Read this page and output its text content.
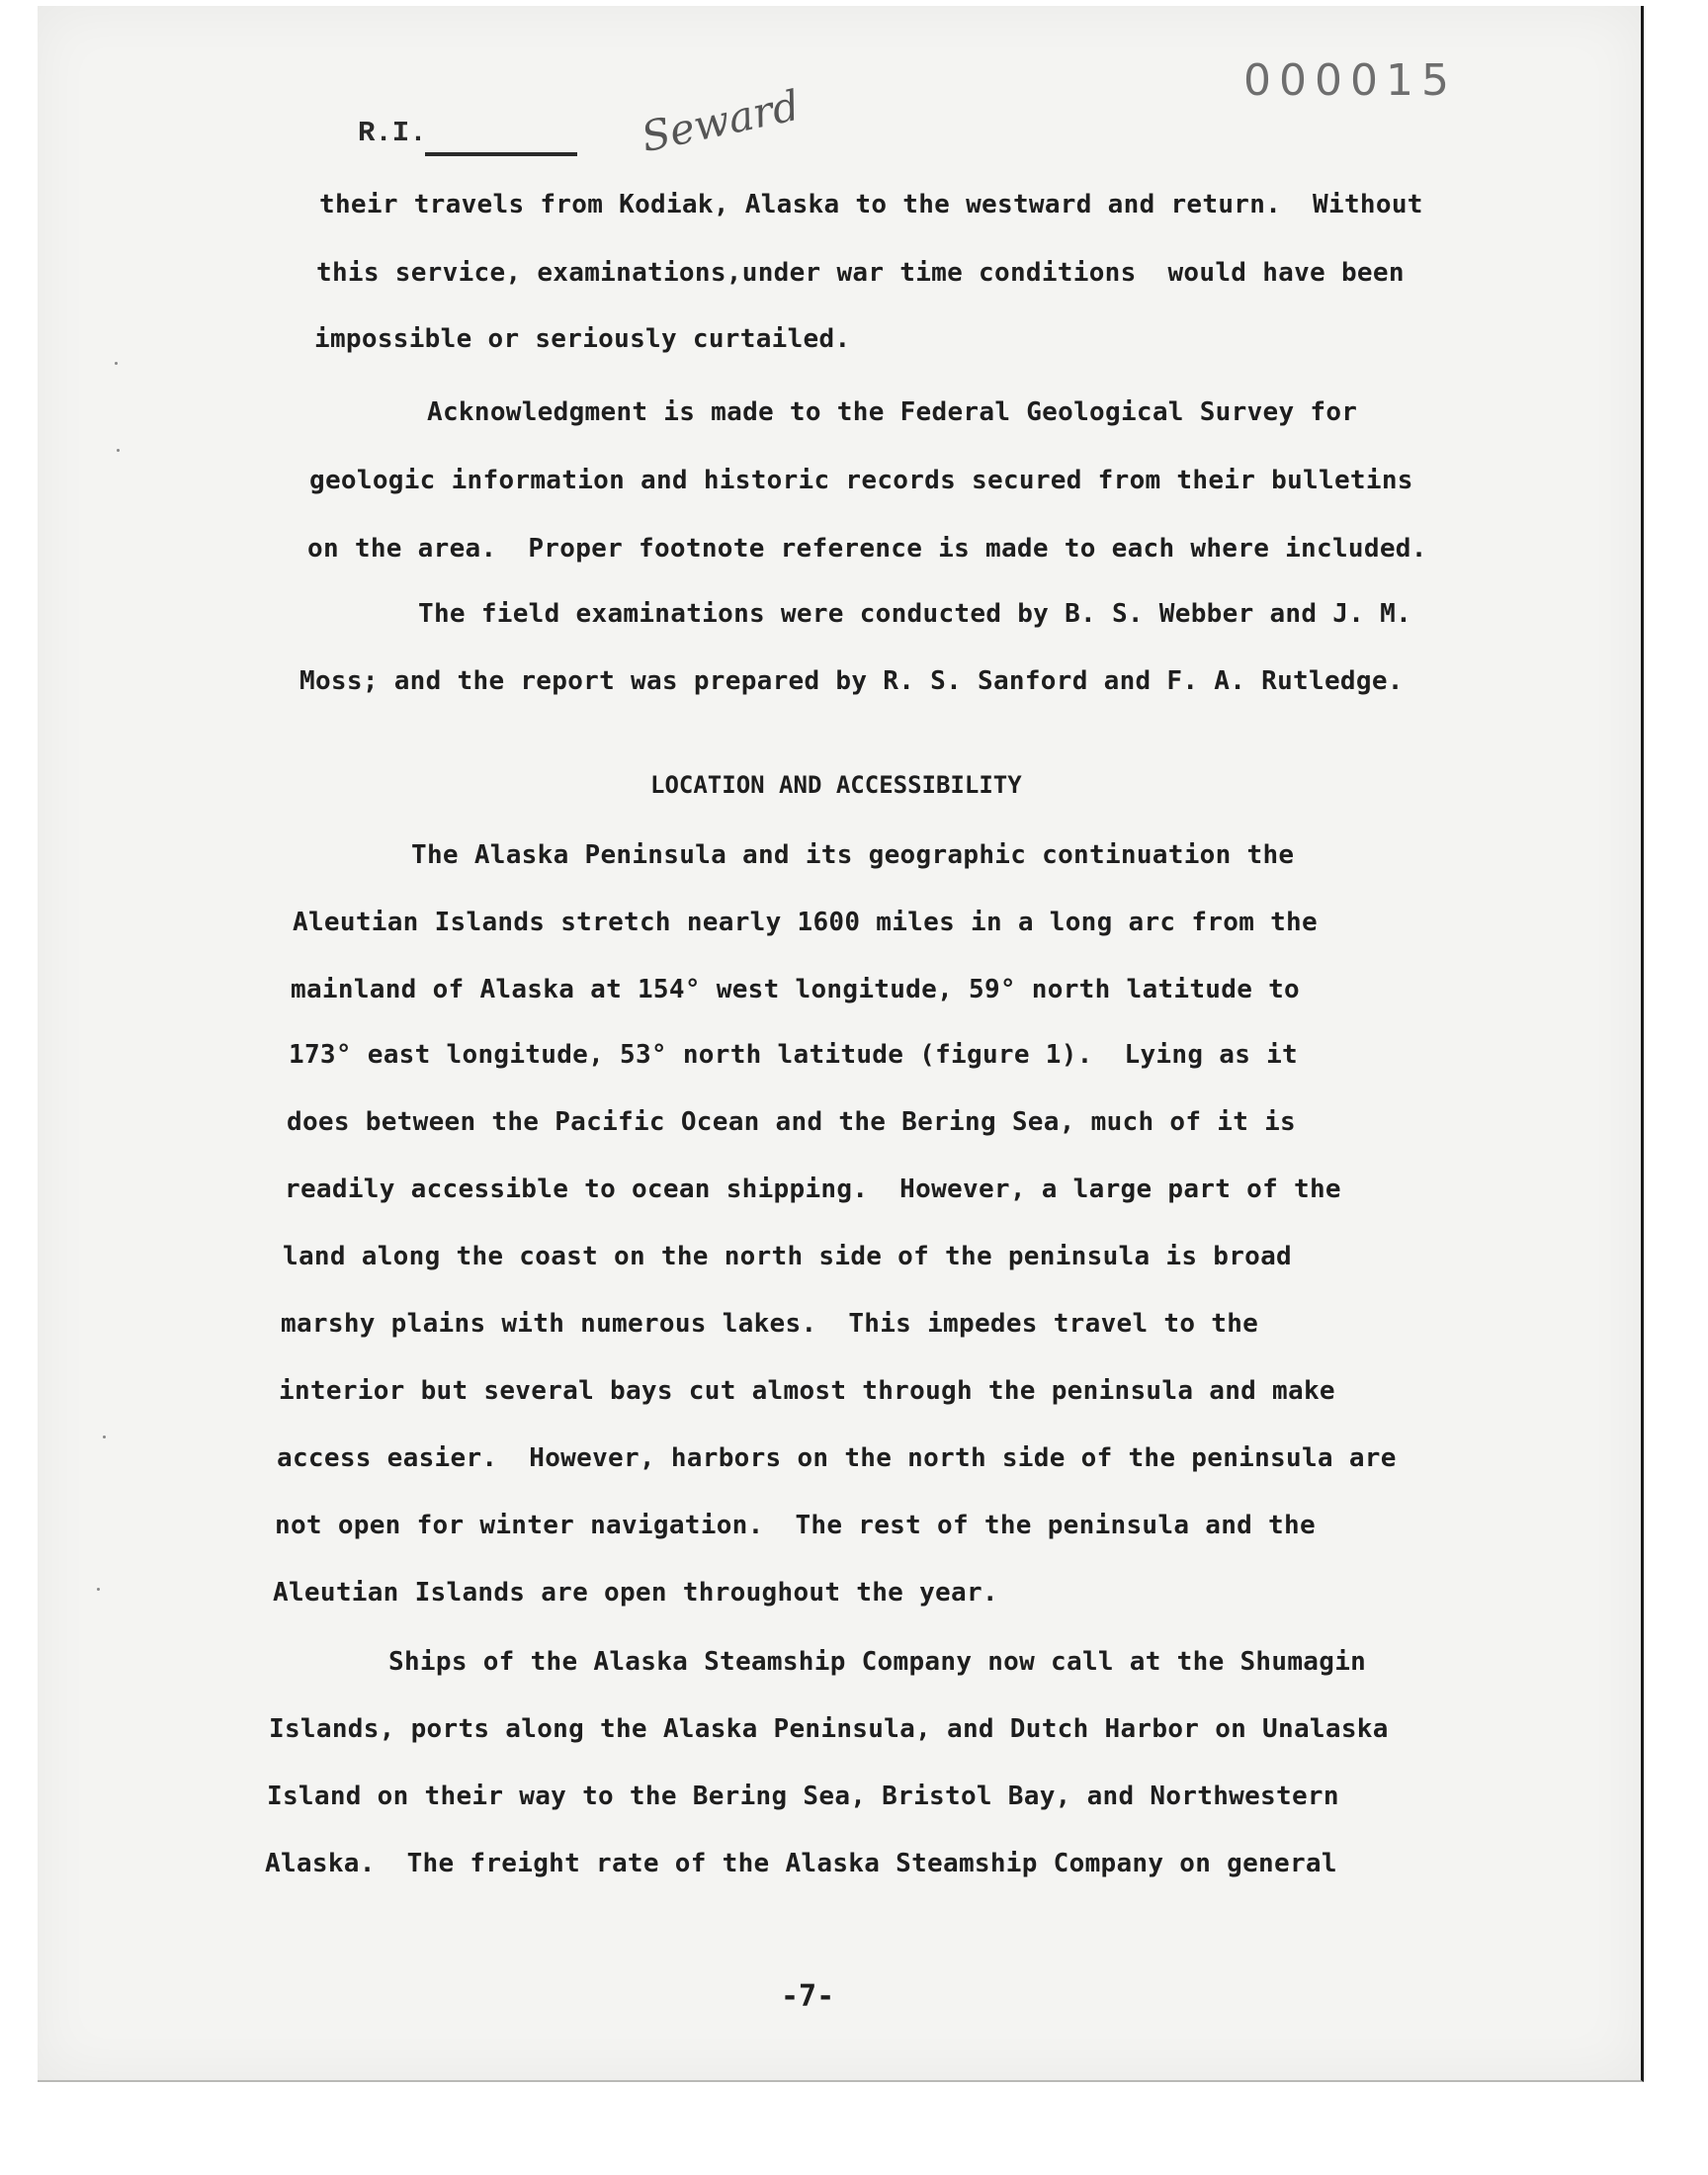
000015
R.I.	Seward
their travels from Kodiak, Alaska to the westward and return.  Without
this service, examinations,under war time conditions  would have been
impossible or seriously curtailed.
Acknowledgment is made to the Federal Geological Survey for
geologic information and historic records secured from their bulletins
on the area.  Proper footnote reference is made to each where included.
The field examinations were conducted by B. S. Webber and J. M.
Moss; and the report was prepared by R. S. Sanford and F. A. Rutledge.
LOCATION AND ACCESSIBILITY
The Alaska Peninsula and its geographic continuation the
Aleutian Islands stretch nearly 1600 miles in a long arc from the
mainland of Alaska at 154° west longitude, 59° north latitude to
173° east longitude, 53° north latitude (figure 1).  Lying as it
does between the Pacific Ocean and the Bering Sea, much of it is
readily accessible to ocean shipping.  However, a large part of the
land along the coast on the north side of the peninsula is broad
marshy plains with numerous lakes.  This impedes travel to the
interior but several bays cut almost through the peninsula and make
access easier.  However, harbors on the north side of the peninsula are
not open for winter navigation.  The rest of the peninsula and the
Aleutian Islands are open throughout the year.
Ships of the Alaska Steamship Company now call at the Shumagin
Islands, ports along the Alaska Peninsula, and Dutch Harbor on Unalaska
Island on their way to the Bering Sea, Bristol Bay, and Northwestern
Alaska.  The freight rate of the Alaska Steamship Company on general
-7-
